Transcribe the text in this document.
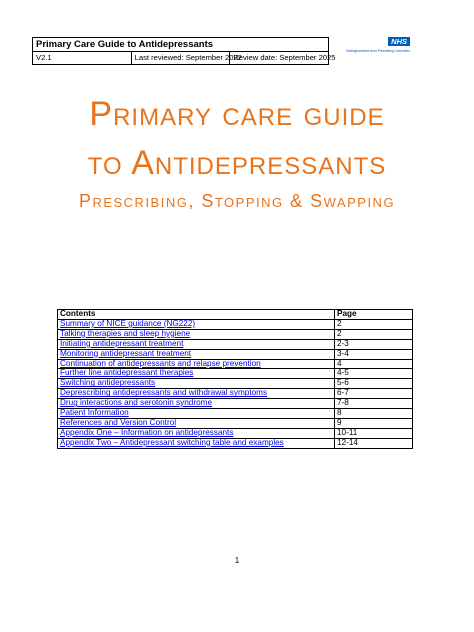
Primary Care Guide to Antidepressants
V2.1	Last reviewed: September 2022	Review date: September 2025
NHS
Nottinghamshire Area Prescribing Committee
Primary care guide
to Antidepressants
Prescribing, Stopping & Swapping
Contents	Page
Summary of NICE guidance (NG222)	2
Talking therapies and sleep hygiene	2
Initiating antidepressant treatment	2-3
Monitoring antidepressant treatment	3-4
Continuation of antidepressants and relapse prevention	4
Further line antidepressant therapies	4-5
Switching antidepressants	5-6
Deprescribing antidepressants and withdrawal symptoms	6-7
Drug interactions and serotonin syndrome	7-8
Patient Information	8
References and Version Control	9
Appendix One – Information on antidepressants	10-11
Appendix Two – Antidepressant switching table and examples	12-14
1
